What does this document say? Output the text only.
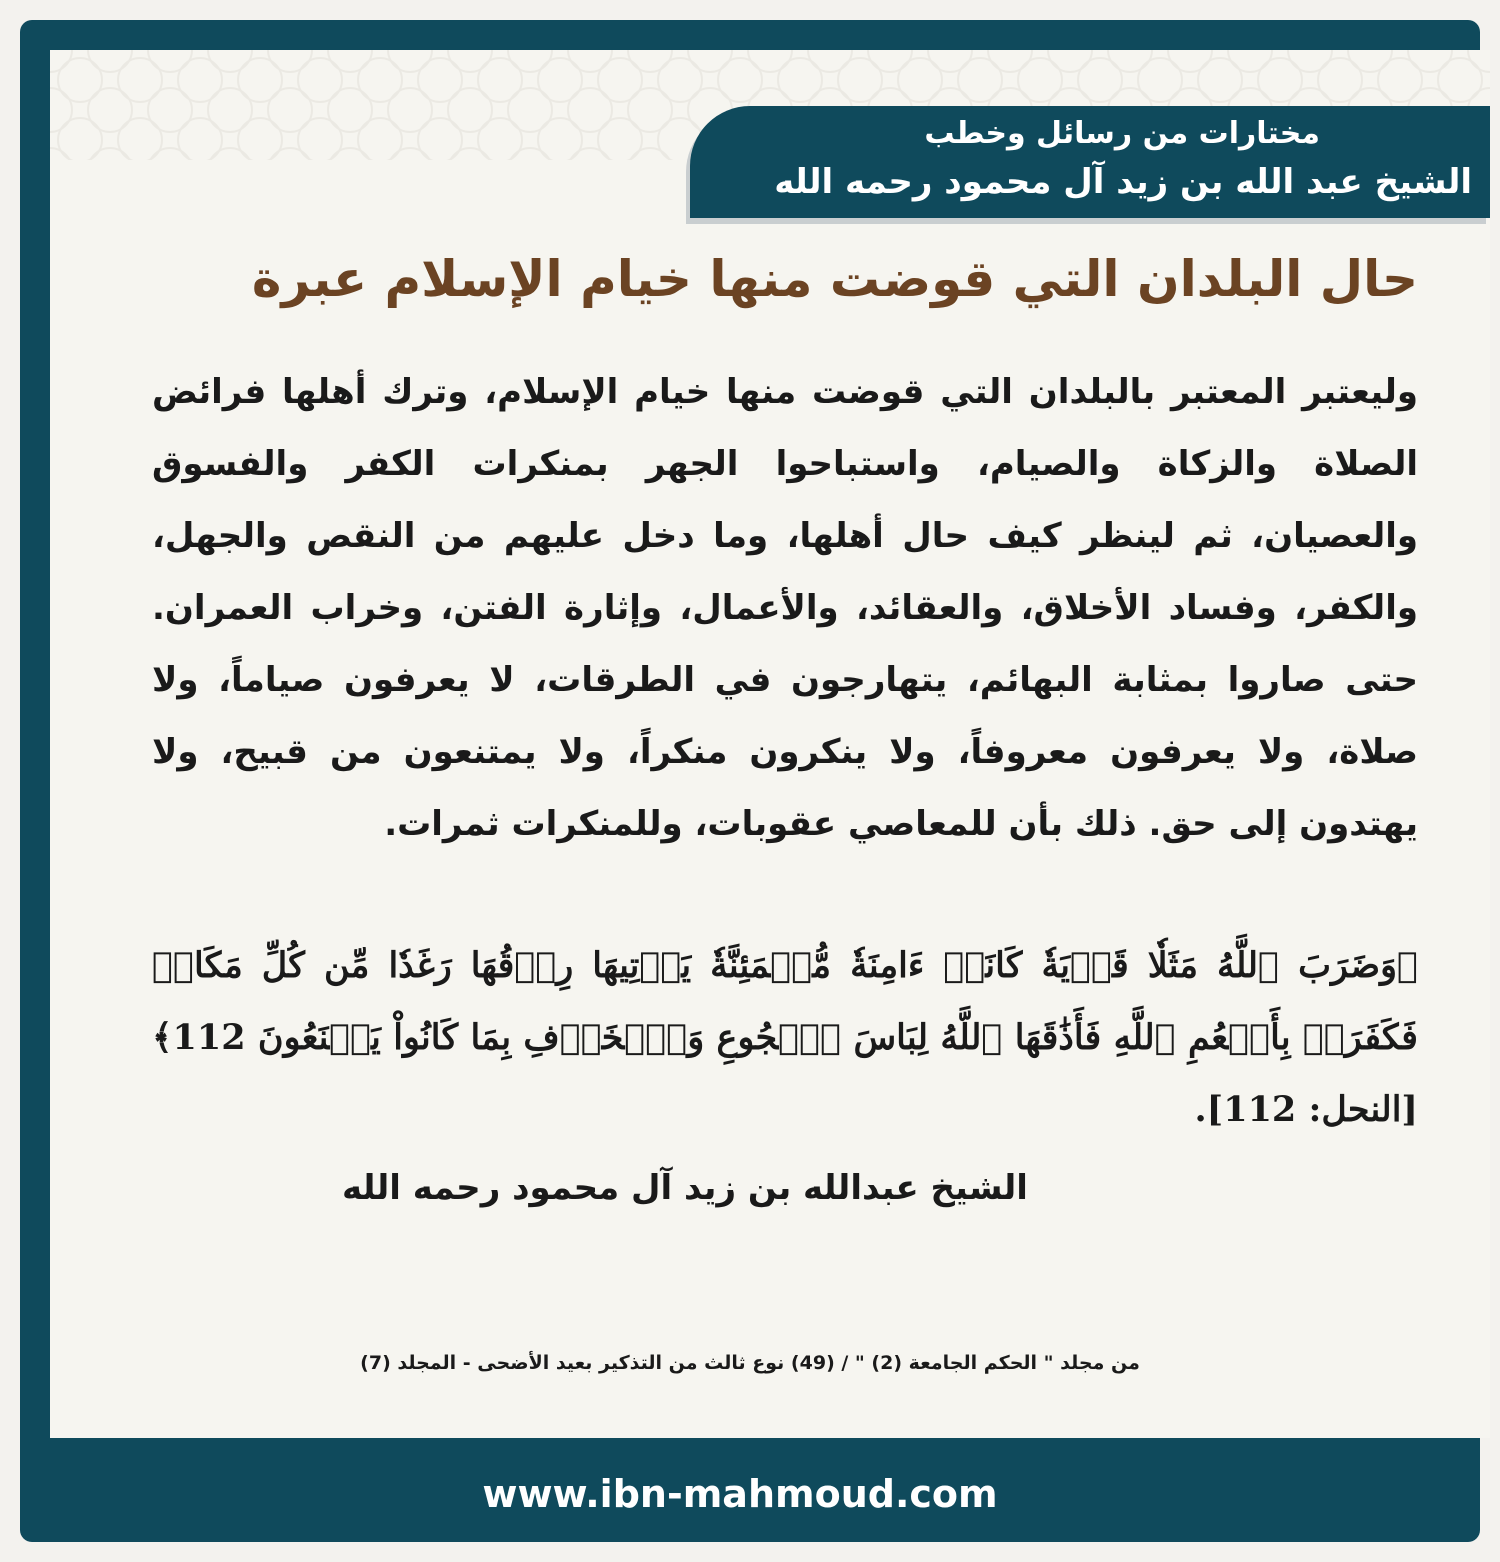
مختارات من رسائل وخطب
الشيخ عبد الله بن زيد آل محمود رحمه الله
حال البلدان التي قوضت منها خيام الإسلام عبرة

وليعتبر المعتبر بالبلدان التي قوضت منها خيام الإسلام، وترك أهلها فرائض الصلاة والزكاة والصيام، واستباحوا الجهر بمنكرات الكفر والفسوق والعصيان، ثم لينظر كيف حال أهلها، وما دخل عليهم من النقص والجهل، والكفر، وفساد الأخلاق، والعقائد، والأعمال، وإثارة الفتن، وخراب العمران. حتى صاروا بمثابة البهائم، يتهارجون في الطرقات، لا يعرفون صياماً، ولا صلاة، ولا يعرفون معروفاً، ولا ينكرون منكراً، ولا يمتنعون من قبيح، ولا يهتدون إلى حق. ذلك بأن للمعاصي عقوبات، وللمنكرات ثمرات.

﴿وَضَرَبَ ٱللَّهُ مَثَلٗا قَرۡيَةٗ كَانَتۡ ءَامِنَةٗ مُّطۡمَئِنَّةٗ يَأۡتِيهَا رِزۡقُهَا رَغَدٗا مِّن كُلِّ مَكَانٖ فَكَفَرَتۡ بِأَنۡعُمِ ٱللَّهِ فَأَذَٰقَهَا ٱللَّهُ لِبَاسَ ٱلۡجُوعِ وَٱلۡخَوۡفِ بِمَا كَانُواْ يَصۡنَعُونَ 112﴾ [النحل: 112].

www.ibn-mahmoud.com
الشيخ عبدالله بن زيد آل محمود رحمه الله
من مجلد " الحكم الجامعة (2) " / (49) نوع ثالث من التذكير بعيد الأضحى - المجلد (7)
